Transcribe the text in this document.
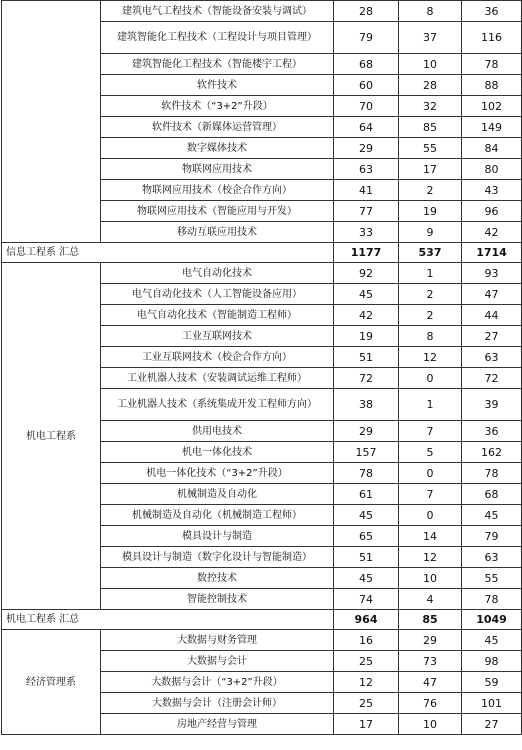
	建筑电气工程技术（智能设备安装与调试）	28	8	36
	建筑智能化工程技术（工程设计与项目管理）	79	37	116
	建筑智能化工程技术（智能楼宇工程）	68	10	78
	软件技术	60	28	88
	软件技术（“3+2”升段）	70	32	102
	软件技术（新媒体运营管理）	64	85	149
	数字媒体技术	29	55	84
	物联网应用技术	63	17	80
	物联网应用技术（校企合作方向）	41	2	43
	物联网应用技术（智能应用与开发）	77	19	96
	移动互联应用技术	33	9	42
信息工程系 汇总		1177	537	1714
机电工程系	电气自动化技术	92	1	93
	电气自动化技术（人工智能设备应用）	45	2	47
	电气自动化技术（智能制造工程师）	42	2	44
	工业互联网技术	19	8	27
	工业互联网技术（校企合作方向）	51	12	63
	工业机器人技术（安装调试运维工程师）	72	0	72
	工业机器人技术（系统集成开发工程师方向）	38	1	39
	供用电技术	29	7	36
	机电一体化技术	157	5	162
	机电一体化技术（“3+2”升段）	78	0	78
	机械制造及自动化	61	7	68
	机械制造及自动化（机械制造工程师）	45	0	45
	模具设计与制造	65	14	79
	模具设计与制造（数字化设计与智能制造）	51	12	63
	数控技术	45	10	55
	智能控制技术	74	4	78
机电工程系 汇总		964	85	1049
经济管理系	大数据与财务管理	16	29	45
	大数据与会计	25	73	98
	大数据与会计（“3+2”升段）	12	47	59
	大数据与会计（注册会计师）	25	76	101
	房地产经营与管理	17	10	27
